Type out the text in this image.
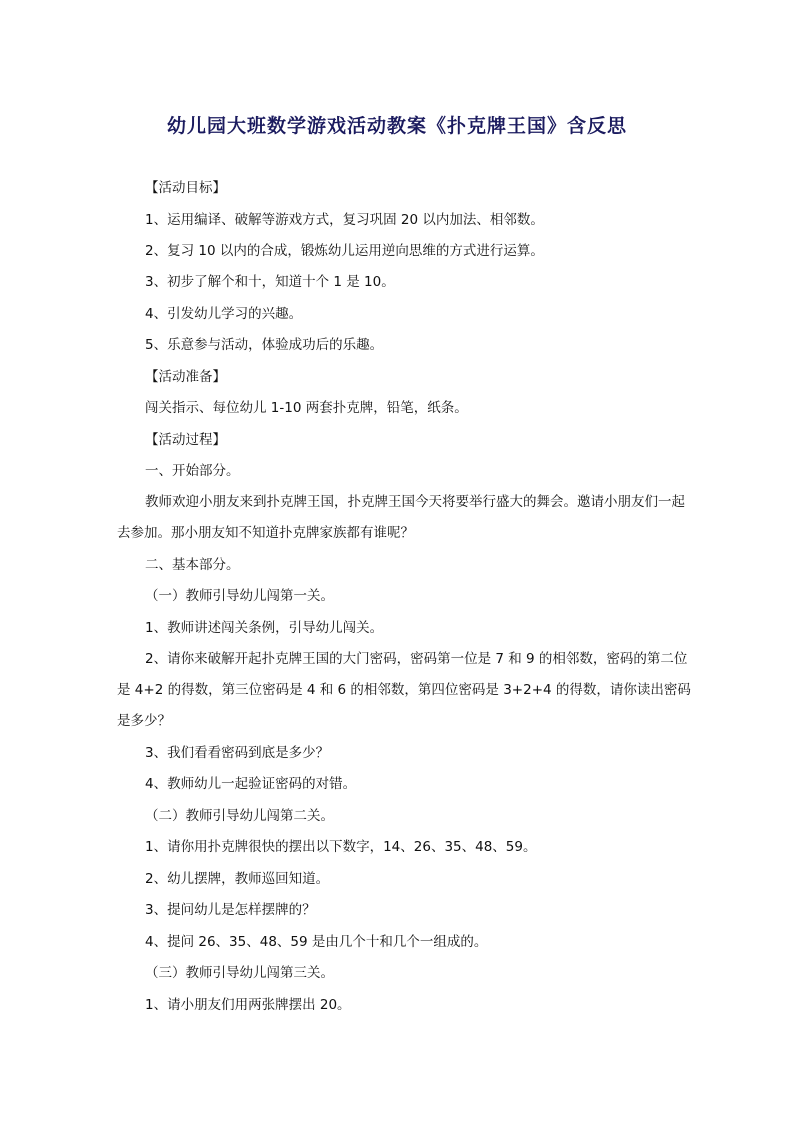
幼儿园大班数学游戏活动教案《扑克牌王国》含反思
【活动目标】
1、运用编译、破解等游戏方式，复习巩固 20 以内加法、相邻数。
2、复习 10 以内的合成，锻炼幼儿运用逆向思维的方式进行运算。
3、初步了解个和十，知道十个 1 是 10。
4、引发幼儿学习的兴趣。
5、乐意参与活动，体验成功后的乐趣。
【活动准备】
闯关指示、每位幼儿 1-10 两套扑克牌，铅笔，纸条。
【活动过程】
一、开始部分。

教师欢迎小朋友来到扑克牌王国，扑克牌王国今天将要举行盛大的舞会。邀请小朋友们一起去参加。那小朋友知不知道扑克牌家族都有谁呢？

二、基本部分。
（一）教师引导幼儿闯第一关。
1、教师讲述闯关条例，引导幼儿闯关。

2、请你来破解开起扑克牌王国的大门密码，密码第一位是 7 和 9 的相邻数，密码的第二位是 4+2 的得数，第三位密码是 4 和 6 的相邻数，第四位密码是 3+2+4 的得数，请你读出密码是多少？

3、我们看看密码到底是多少？
4、教师幼儿一起验证密码的对错。
（二）教师引导幼儿闯第二关。
1、请你用扑克牌很快的摆出以下数字，14、26、35、48、59。
2、幼儿摆牌，教师巡回知道。
3、提问幼儿是怎样摆牌的？
4、提问 26、35、48、59 是由几个十和几个一组成的。
（三）教师引导幼儿闯第三关。
1、请小朋友们用两张牌摆出 20。
